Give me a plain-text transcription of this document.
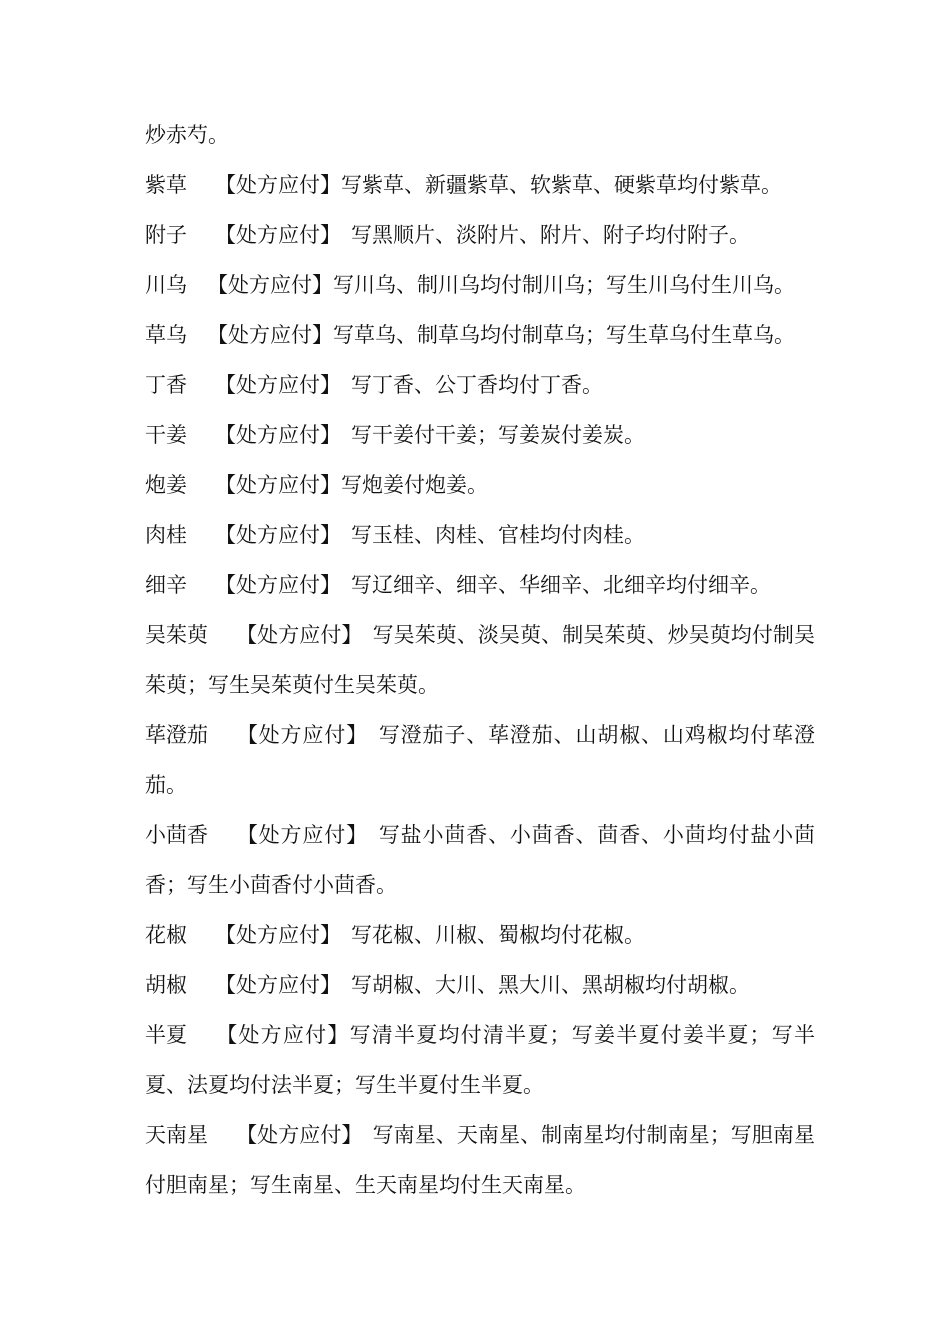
炒赤芍。

紫草 【处方应付】写紫草、新疆紫草、软紫草、硬紫草均付紫草。

附子 【处方应付】 写黑顺片、淡附片、附片、附子均付附子。

川乌 【处方应付】写川乌、制川乌均付制川乌；写生川乌付生川乌。

草乌 【处方应付】写草乌、制草乌均付制草乌；写生草乌付生草乌。

丁香 【处方应付】 写丁香、公丁香均付丁香。

干姜 【处方应付】 写干姜付干姜；写姜炭付姜炭。

炮姜 【处方应付】写炮姜付炮姜。

肉桂 【处方应付】 写玉桂、肉桂、官桂均付肉桂。

细辛 【处方应付】 写辽细辛、细辛、华细辛、北细辛均付细辛。

吴茱萸 【处方应付】 写吴茱萸、淡吴萸、制吴茱萸、炒吴萸均付制吴茱萸；写生吴茱萸付生吴茱萸。

荜澄茄 【处方应付】 写澄茄子、荜澄茄、山胡椒、山鸡椒均付荜澄茄。

小茴香 【处方应付】 写盐小茴香、小茴香、茴香、小茴均付盐小茴香；写生小茴香付小茴香。

花椒 【处方应付】 写花椒、川椒、蜀椒均付花椒。

胡椒 【处方应付】 写胡椒、大川、黑大川、黑胡椒均付胡椒。

半夏 【处方应付】写清半夏均付清半夏；写姜半夏付姜半夏；写半夏、法夏均付法半夏；写生半夏付生半夏。

天南星 【处方应付】 写南星、天南星、制南星均付制南星；写胆南星付胆南星；写生南星、生天南星均付生天南星。
